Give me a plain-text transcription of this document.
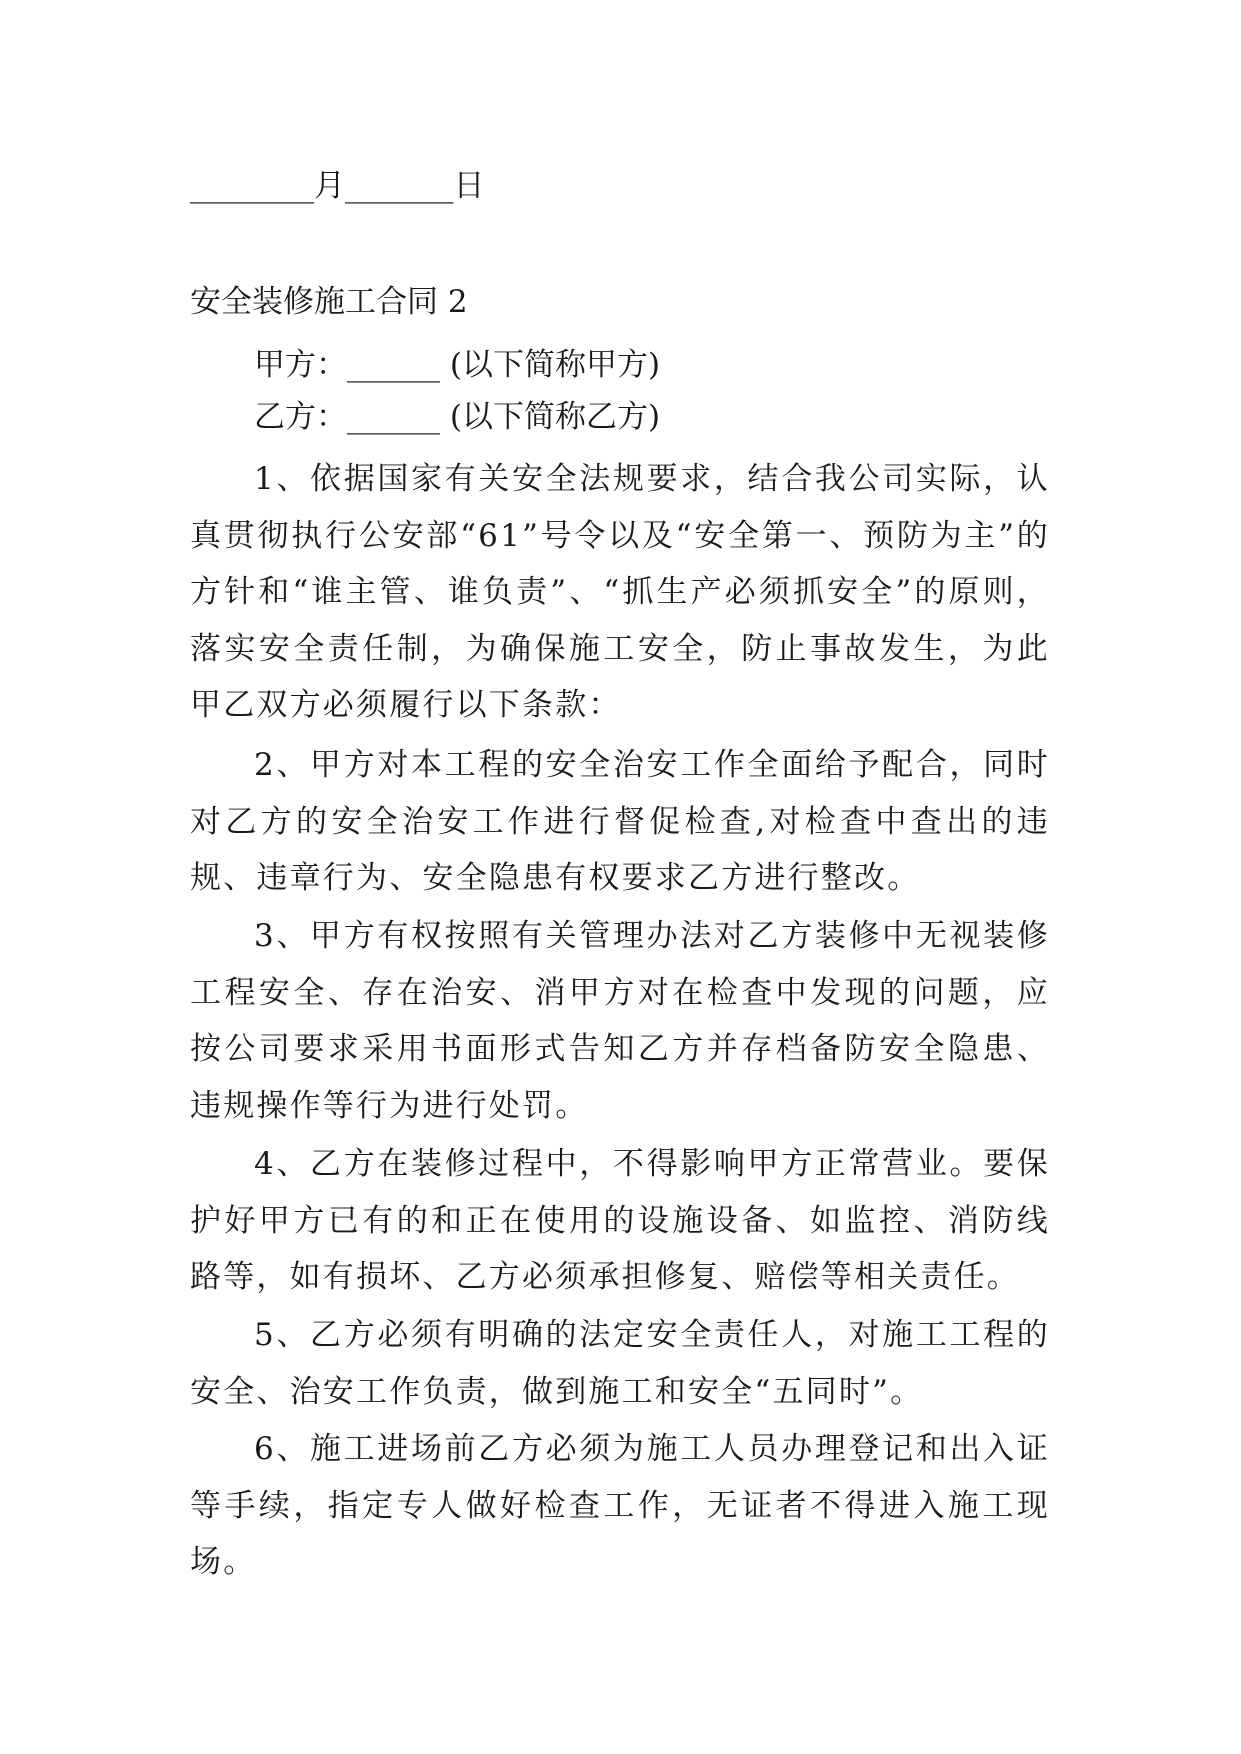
________月_______日
安全装修施工合同 2
甲方：______ (以下简称甲方)
乙方：______ (以下简称乙方)
1、依据国家有关安全法规要求，结合我公司实际，认真贯彻执行公安部“61”号令以及“安全第一、预防为主”的方针和“谁主管、谁负责”、“抓生产必须抓安全”的原则，落实安全责任制，为确保施工安全，防止事故发生，为此甲乙双方必须履行以下条款：
2、甲方对本工程的安全治安工作全面给予配合，同时对乙方的安全治安工作进行督促检查,对检查中查出的违规、违章行为、安全隐患有权要求乙方进行整改。
3、甲方有权按照有关管理办法对乙方装修中无视装修工程安全、存在治安、消甲方对在检查中发现的问题，应按公司要求采用书面形式告知乙方并存档备防安全隐患、违规操作等行为进行处罚。
4、乙方在装修过程中，不得影响甲方正常营业。要保护好甲方已有的和正在使用的设施设备、如监控、消防线路等，如有损坏、乙方必须承担修复、赔偿等相关责任。
5、乙方必须有明确的法定安全责任人，对施工工程的安全、治安工作负责，做到施工和安全“五同时”。
6、施工进场前乙方必须为施工人员办理登记和出入证等手续，指定专人做好检查工作，无证者不得进入施工现场。
